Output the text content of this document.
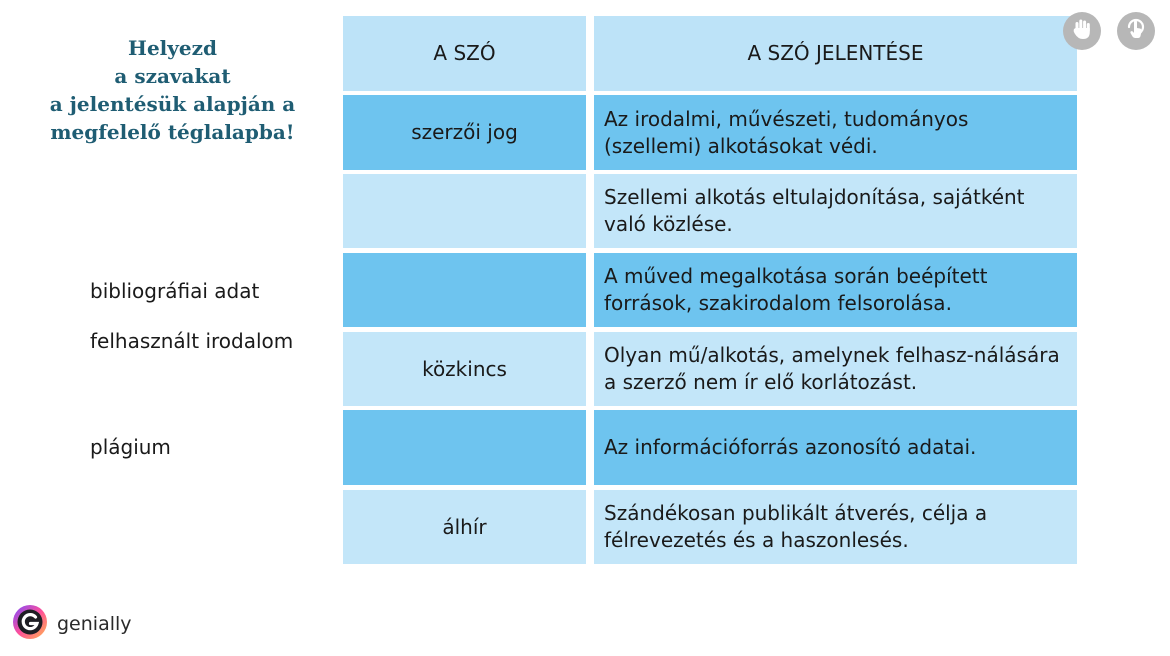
Helyezd
a szavakat
a jelentésük alapján a
megfelelő téglalapba!
bibliográfiai adat
felhasznált irodalom
plágium
A SZÓ	A SZÓ JELENTÉSE
szerzői jog
Az irodalmi, művészeti, tudományos (szellemi) alkotásokat védi.
Szellemi alkotás eltulajdonítása, sajátként való közlése.
A műved megalkotása során beépített források, szakirodalom felsorolása.
közkincs
Olyan mű/alkotás, amelynek felhasz-nálására a szerző nem ír elő korlátozást.
Az információforrás azonosító adatai.
álhír
Szándékosan publikált átverés, célja a félrevezetés és a haszonlesés.
genially
